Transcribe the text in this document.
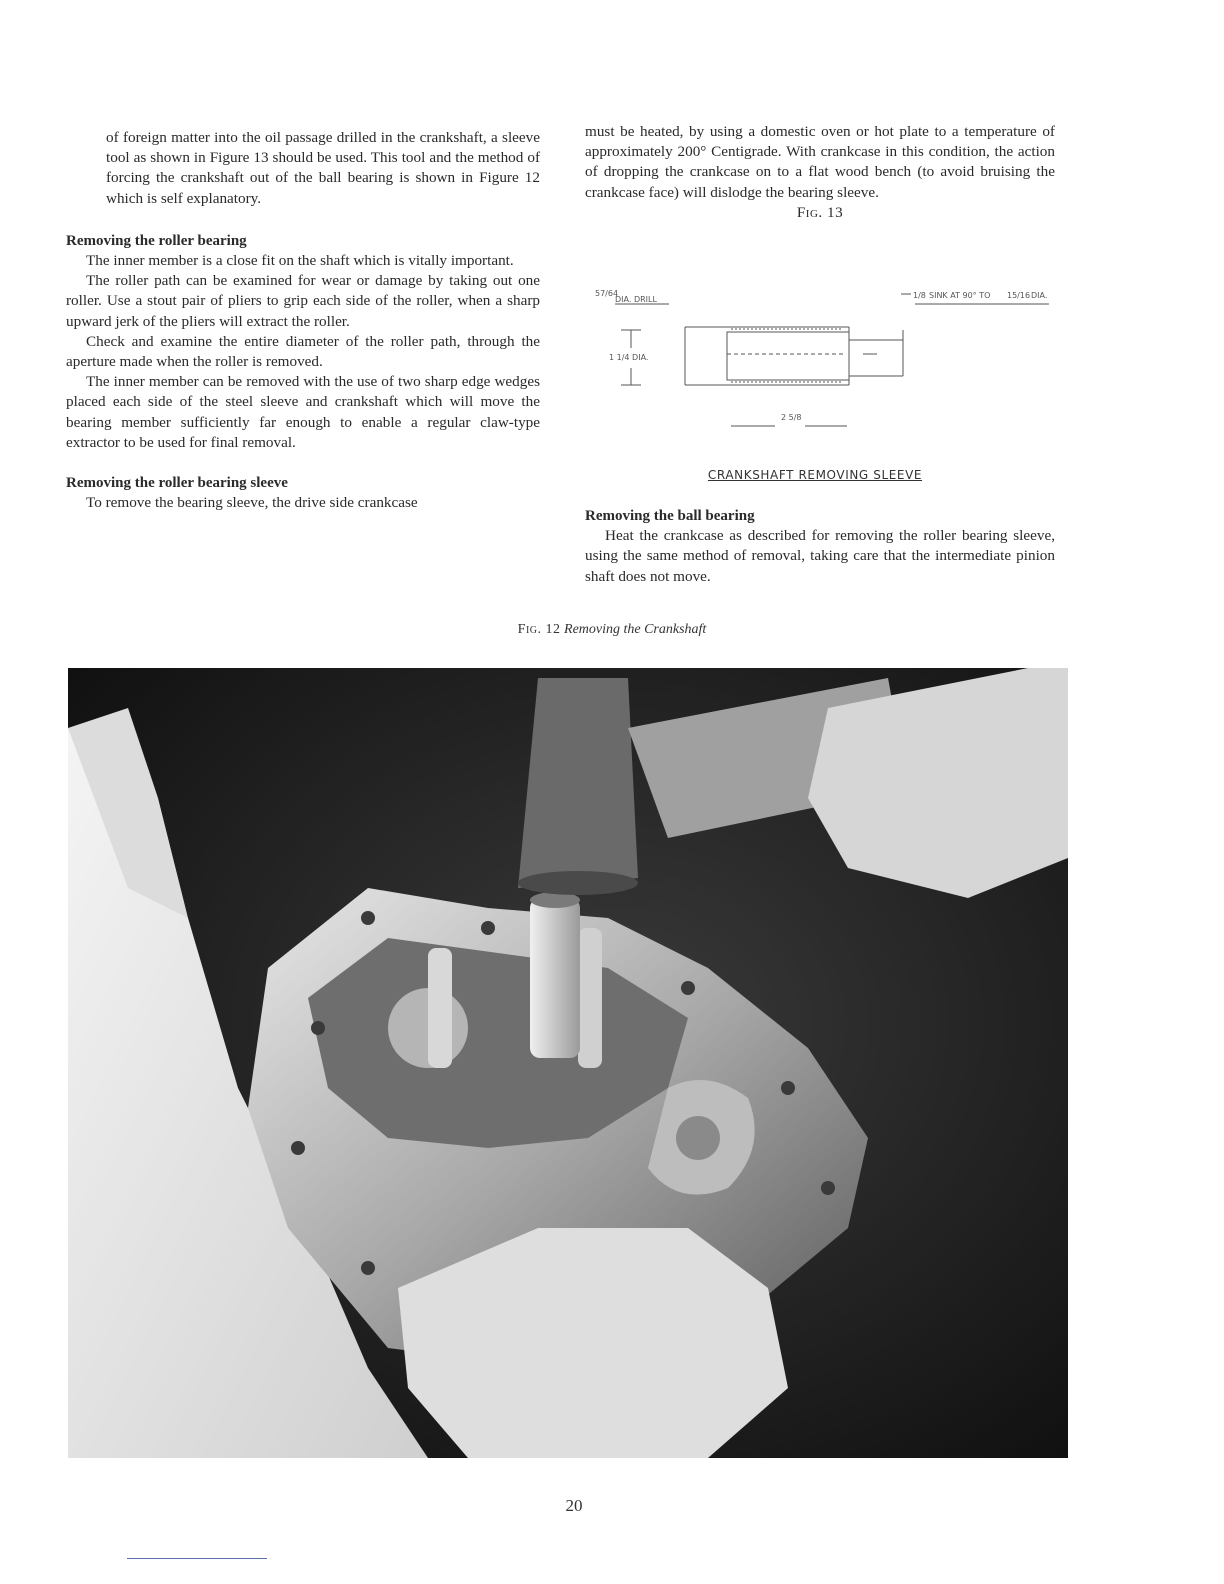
of foreign matter into the oil passage drilled in the crankshaft, a sleeve tool as shown in Figure 13 should be used. This tool and the method of forcing the crankshaft out of the ball bearing is shown in Figure 12 which is self explanatory.

Removing the roller bearing

The inner member is a close fit on the shaft which is vitally important.

The roller path can be examined for wear or damage by taking out one roller. Use a stout pair of pliers to grip each side of the roller, when a sharp upward jerk of the pliers will extract the roller.

Check and examine the entire diameter of the roller path, through the aperture made when the roller is removed.

The inner member can be removed with the use of two sharp edge wedges placed each side of the steel sleeve and crankshaft which will move the bearing member sufficiently far enough to enable a regular claw-type extractor to be used for final removal.

Removing the roller bearing sleeve

To remove the bearing sleeve, the drive side crankcase

must be heated, by using a domestic oven or hot plate to a temperature of approximately 200° Centigrade. With crankcase in this condition, the action of dropping the crankcase on to a flat wood bench (to avoid bruising the crankcase face) will dislodge the bearing sleeve.

Fig. 13

57/64
DIA. DRILL	1/8 SINK AT 90° TO 15/16 DIA.
1 1/4 DIA.
2 5/8
CRANKSHAFT REMOVING SLEEVE

Removing the ball bearing

Heat the crankcase as described for removing the roller bearing sleeve, using the same method of removal, taking care that the intermediate pinion shaft does not move.

Fig. 12 Removing the Crankshaft
20
